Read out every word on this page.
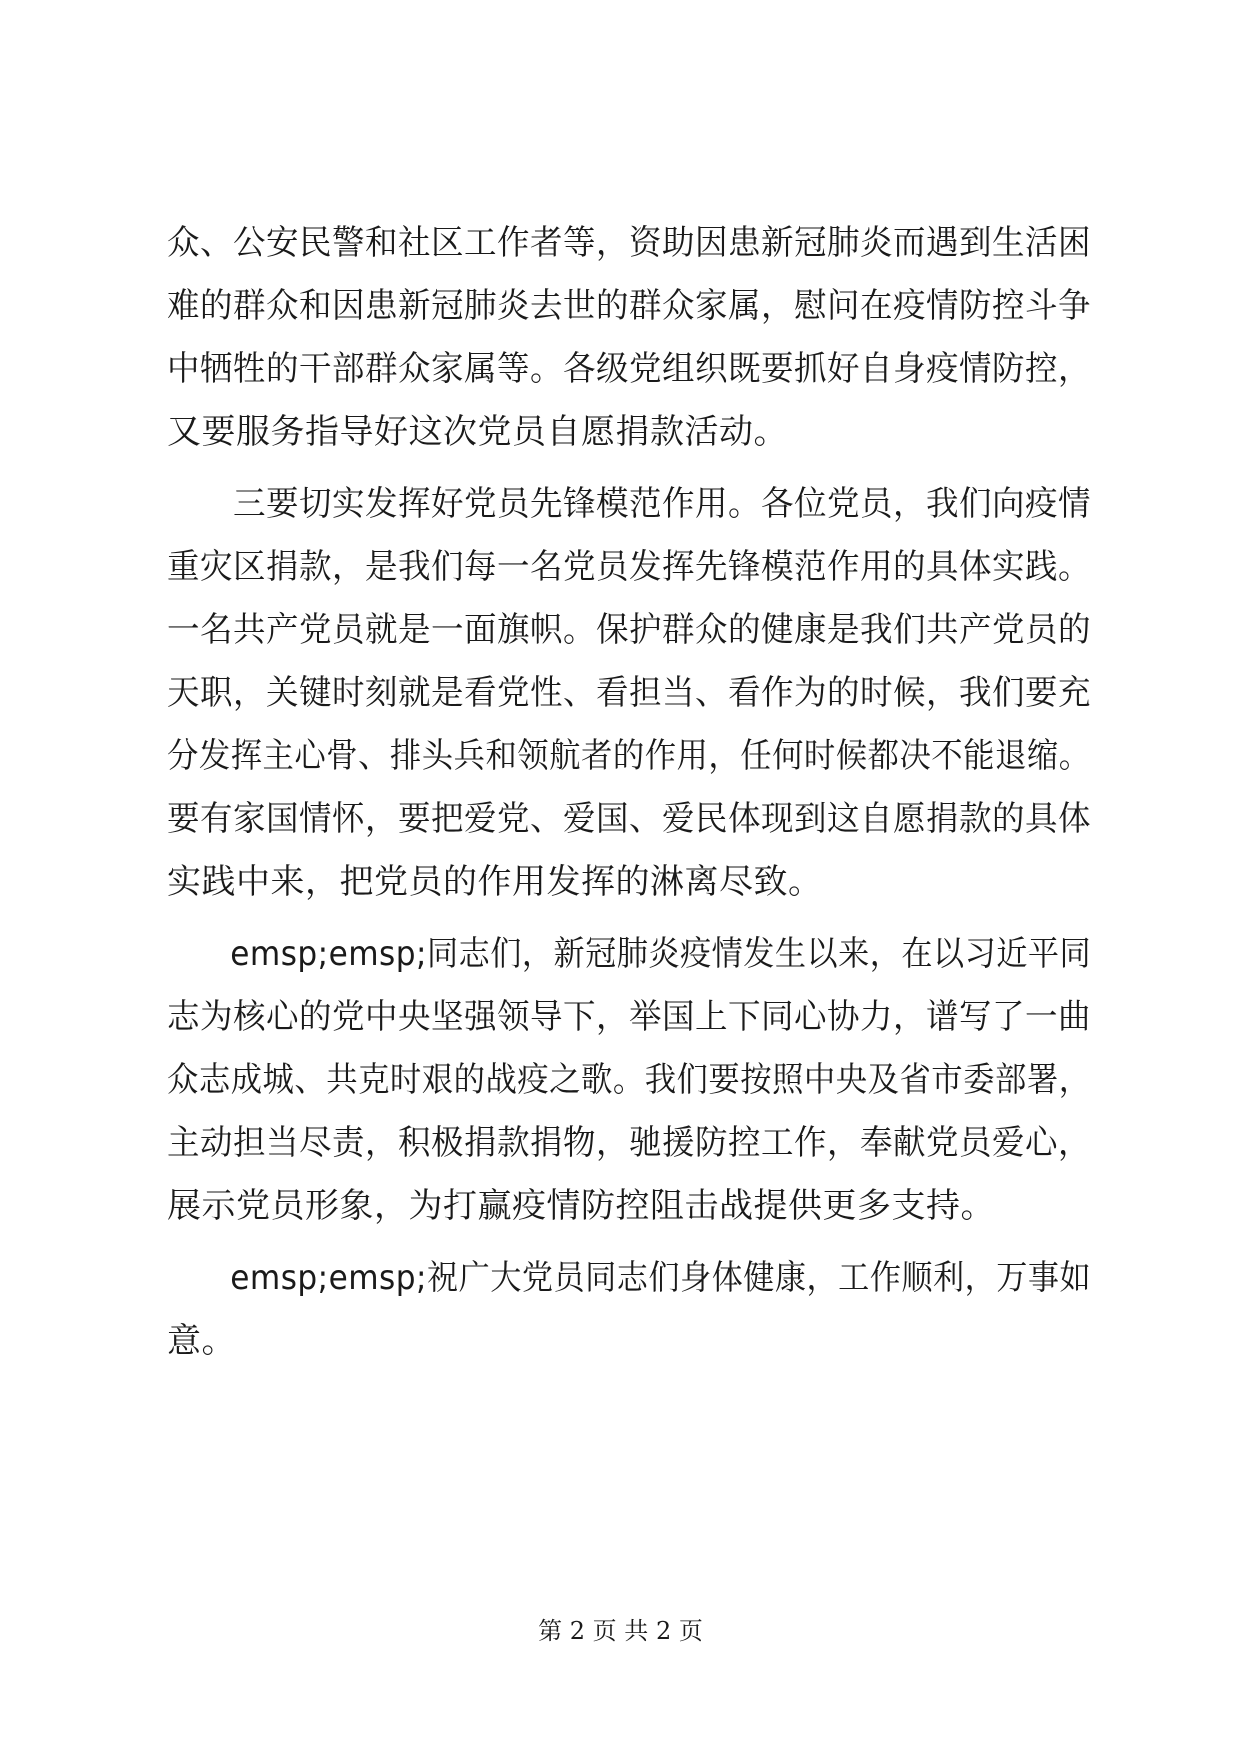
众、公安民警和社区工作者等，资助因患新冠肺炎而遇到生活困
难的群众和因患新冠肺炎去世的群众家属，慰问在疫情防控斗争
中牺牲的干部群众家属等。各级党组织既要抓好自身疫情防控，
又要服务指导好这次党员自愿捐款活动。
　　三要切实发挥好党员先锋模范作用。各位党员，我们向疫情
重灾区捐款，是我们每一名党员发挥先锋模范作用的具体实践。
一名共产党员就是一面旗帜。保护群众的健康是我们共产党员的
天职，关键时刻就是看党性、看担当、看作为的时候，我们要充
分发挥主心骨、排头兵和领航者的作用，任何时候都决不能退缩。
要有家国情怀，要把爱党、爱国、爱民体现到这自愿捐款的具体
实践中来，把党员的作用发挥的淋离尽致。
　　emsp;emsp;同志们，新冠肺炎疫情发生以来，在以习近平同
志为核心的党中央坚强领导下，举国上下同心协力，谱写了一曲
众志成城、共克时艰的战疫之歌。我们要按照中央及省市委部署，
主动担当尽责，积极捐款捐物，驰援防控工作，奉献党员爱心，
展示党员形象，为打赢疫情防控阻击战提供更多支持。
　　emsp;emsp;祝广大党员同志们身体健康，工作顺利，万事如
意。
第 2 页 共 2 页
